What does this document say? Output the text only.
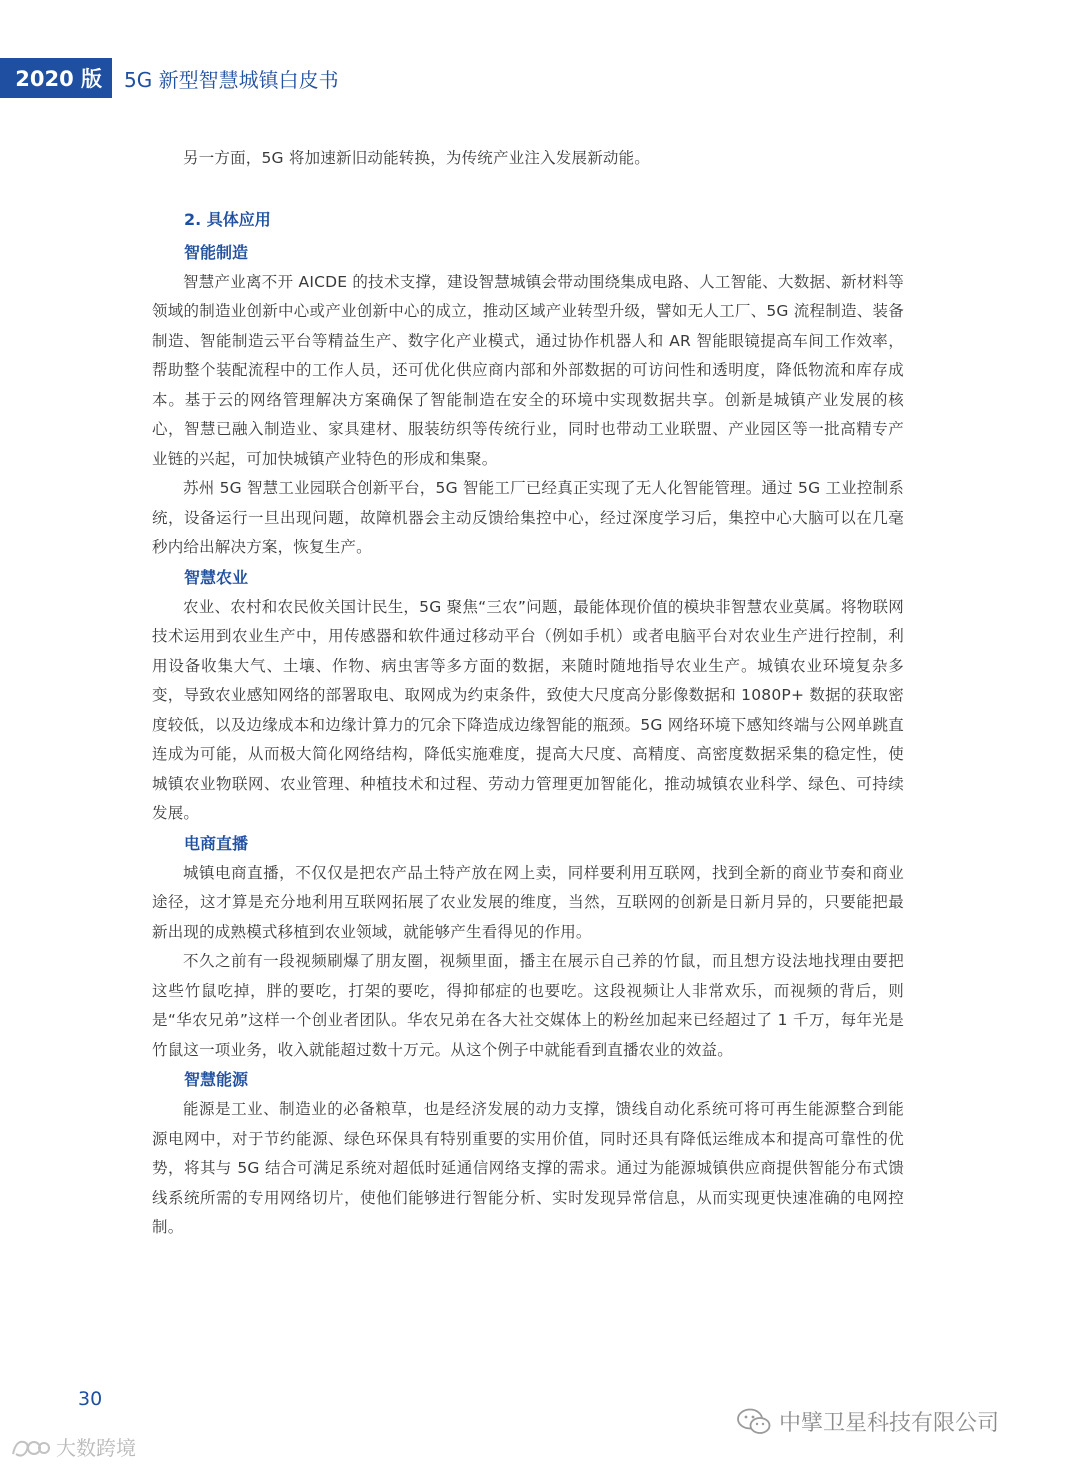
2020 版	5G 新型智慧城镇白皮书

另一方面，5G 将加速新旧动能转换，为传统产业注入发展新动能。

2. 具体应用
智能制造

智慧产业离不开 AICDE 的技术支撑，建设智慧城镇会带动围绕集成电路、人工智能、大数据、新材料等领域的制造业创新中心或产业创新中心的成立，推动区域产业转型升级，譬如无人工厂、5G 流程制造、装备制造、智能制造云平台等精益生产、数字化产业模式，通过协作机器人和 AR 智能眼镜提高车间工作效率，帮助整个装配流程中的工作人员，还可优化供应商内部和外部数据的可访问性和透明度，降低物流和库存成本。基于云的网络管理解决方案确保了智能制造在安全的环境中实现数据共享。创新是城镇产业发展的核心，智慧已融入制造业、家具建材、服装纺织等传统行业，同时也带动工业联盟、产业园区等一批高精专产业链的兴起，可加快城镇产业特色的形成和集聚。

苏州 5G 智慧工业园联合创新平台，5G 智能工厂已经真正实现了无人化智能管理。通过 5G 工业控制系统，设备运行一旦出现问题，故障机器会主动反馈给集控中心，经过深度学习后，集控中心大脑可以在几毫秒内给出解决方案，恢复生产。

智慧农业

农业、农村和农民攸关国计民生，5G 聚焦“三农”问题，最能体现价值的模块非智慧农业莫属。将物联网技术运用到农业生产中，用传感器和软件通过移动平台（例如手机）或者电脑平台对农业生产进行控制，利用设备收集大气、土壤、作物、病虫害等多方面的数据，来随时随地指导农业生产。城镇农业环境复杂多变，导致农业感知网络的部署取电、取网成为约束条件，致使大尺度高分影像数据和 1080P+ 数据的获取密度较低，以及边缘成本和边缘计算力的冗余下降造成边缘智能的瓶颈。5G 网络环境下感知终端与公网单跳直连成为可能，从而极大简化网络结构，降低实施难度，提高大尺度、高精度、高密度数据采集的稳定性，使城镇农业物联网、农业管理、种植技术和过程、劳动力管理更加智能化，推动城镇农业科学、绿色、可持续发展。

电商直播

城镇电商直播，不仅仅是把农产品土特产放在网上卖，同样要利用互联网，找到全新的商业节奏和商业途径，这才算是充分地利用互联网拓展了农业发展的维度，当然，互联网的创新是日新月异的，只要能把最新出现的成熟模式移植到农业领域，就能够产生看得见的作用。

不久之前有一段视频刷爆了朋友圈，视频里面，播主在展示自己养的竹鼠，而且想方设法地找理由要把这些竹鼠吃掉，胖的要吃，打架的要吃，得抑郁症的也要吃。这段视频让人非常欢乐，而视频的背后，则是“华农兄弟”这样一个创业者团队。华农兄弟在各大社交媒体上的粉丝加起来已经超过了 1 千万，每年光是竹鼠这一项业务，收入就能超过数十万元。从这个例子中就能看到直播农业的效益。

智慧能源

能源是工业、制造业的必备粮草，也是经济发展的动力支撑，馈线自动化系统可将可再生能源整合到能源电网中，对于节约能源、绿色环保具有特别重要的实用价值，同时还具有降低运维成本和提高可靠性的优势，将其与 5G 结合可满足系统对超低时延通信网络支撑的需求。通过为能源城镇供应商提供智能分布式馈线系统所需的专用网络切片，使他们能够进行智能分析、实时发现异常信息，从而实现更快速准确的电网控制。

30
中擘卫星科技有限公司
大数跨境
